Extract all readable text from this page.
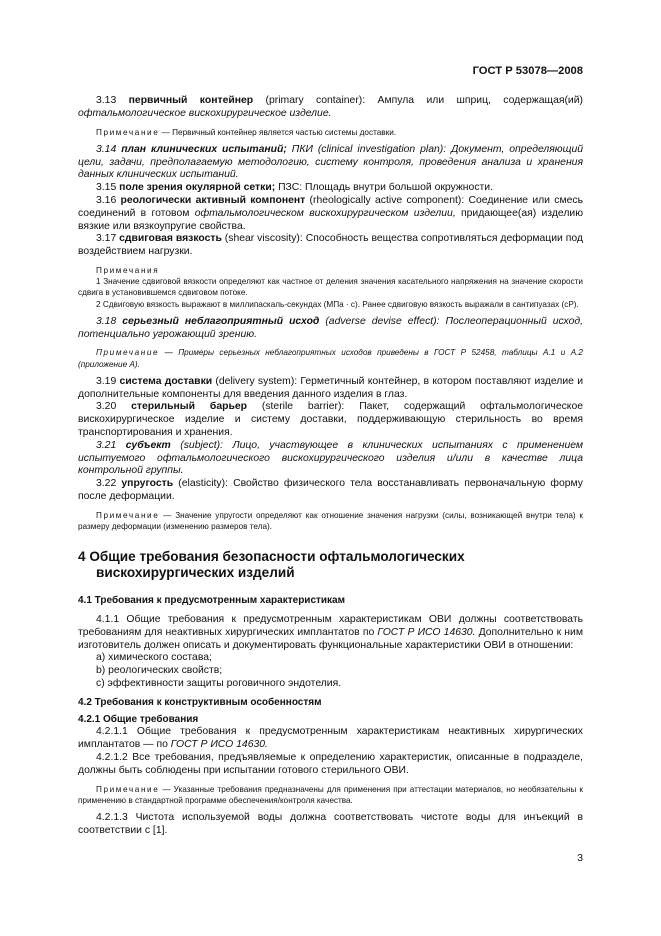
ГОСТ Р 53078—2008

3.13 первичный контейнер (primary container): Ампула или шприц, содержащая(ий) офтальмологическое вискохирургическое изделие.

Примечание — Первичный контейнер является частью системы доставки.

3.14 план клинических испытаний; ПКИ (clinical investigation plan): Документ, определяющий цели, задачи, предполагаемую методологию, систему контроля, проведения анализа и хранения данных клинических испытаний.

3.15 поле зрения окулярной сетки; ПЗС: Площадь внутри большой окружности.

3.16 реологически активный компонент (rheologically active component): Соединение или смесь соединений в готовом офтальмологическом вискохирургическом изделии, придающее(ая) изделию вязкие или вязкоупругие свойства.

3.17 сдвиговая вязкость (shear viscosity): Способность вещества сопротивляться деформации под воздействием нагрузки.

Примечания

1 Значение сдвиговой вязкости определяют как частное от деления значения касательного напряжения на значение скорости сдвига в установившемся сдвиговом потоке.

2 Сдвиговую вязкость выражают в миллипаскаль-секундах (МПа · с). Ранее сдвиговую вязкость выражали в сантипуазах (сР).

3.18 серьезный неблагоприятный исход (adverse devise effect): Послеоперационный исход, потенциально угрожающий зрению.

Примечание — Примеры серьезных неблагоприятных исходов приведены в ГОСТ Р 52458, таблицы А.1 и А.2 (приложение А).

3.19 система доставки (delivery system): Герметичный контейнер, в котором поставляют изделие и дополнительные компоненты для введения данного изделия в глаз.

3.20 стерильный барьер (sterile barrier): Пакет, содержащий офтальмологическое вискохирургическое изделие и систему доставки, поддерживающую стерильность во время транспортирования и хранения.

3.21 субъект (subject): Лицо, участвующее в клинических испытаниях с применением испытуемого офтальмологического вискохирургического изделия и/или в качестве лица контрольной группы.

3.22 упругость (elasticity): Свойство физического тела восстанавливать первоначальную форму после деформации.

Примечание — Значение упругости определяют как отношение значения нагрузки (силы, возникающей внутри тела) к размеру деформации (изменению размеров тела).

4 Общие требования безопасности офтальмологических
вискохирургических изделий

4.1 Требования к предусмотренным характеристикам

4.1.1 Общие требования к предусмотренным характеристикам ОВИ должны соответствовать требованиям для неактивных хирургических имплантатов по ГОСТ Р ИСО 14630. Дополнительно к ним изготовитель должен описать и документировать функциональные характеристики ОВИ в отношении:

a) химического состава;

b) реологических свойств;

c) эффективности защиты роговичного эндотелия.

4.2 Требования к конструктивным особенностям

4.2.1 Общие требования

4.2.1.1 Общие требования к предусмотренным характеристикам неактивных хирургических имплантатов — по ГОСТ Р ИСО 14630.

4.2.1.2 Все требования, предъявляемые к определению характеристик, описанные в подразделе, должны быть соблюдены при испытании готового стерильного ОВИ.

Примечание — Указанные требования предназначены для применения при аттестации материалов, но необязательны к применению в стандартной программе обеспечения/контроля качества.

4.2.1.3 Чистота используемой воды должна соответствовать чистоте воды для инъекций в соответствии с [1].

3
